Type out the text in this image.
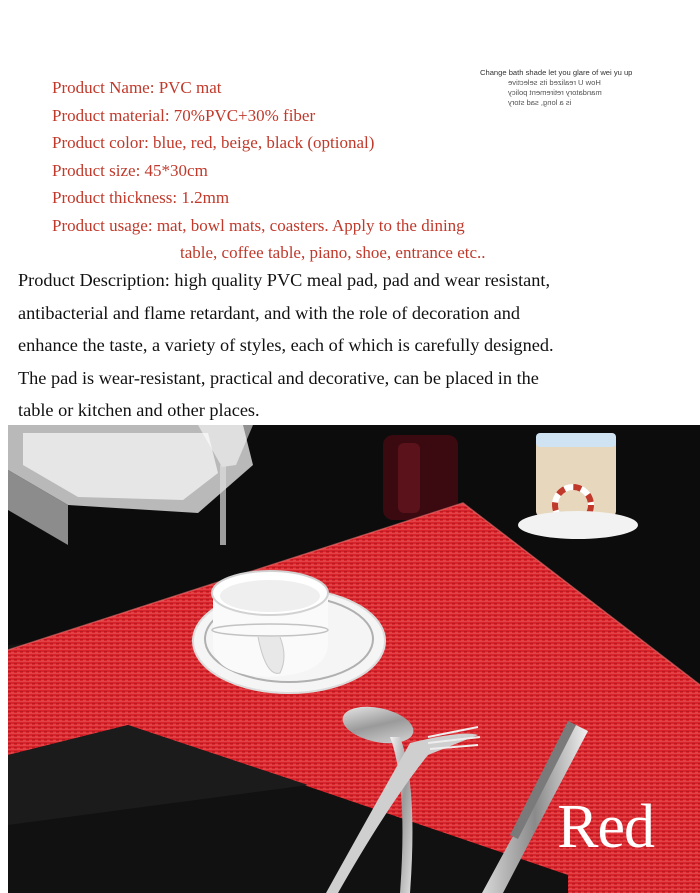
Product Name: PVC mat
Product material: 70%PVC+30% fiber
Product color: blue, red, beige, black (optional)
Product size: 45*30cm
Product thickness: 1.2mm
Product usage: mat, bowl mats, coasters. Apply to the dining
table, coffee table, piano, shoe, entrance etc..
Change bath shade let you glare of wei yu up
How U realized its selective
mandatory retirement policy
is a long, sad story
Product Description: high quality PVC meal pad, pad and wear resistant,
antibacterial and flame retardant, and with the role of decoration and
enhance the taste, a variety of styles, each of which is carefully designed.
The pad is wear-resistant, practical and decorative, can be placed in the
table or kitchen and other places.
Red
